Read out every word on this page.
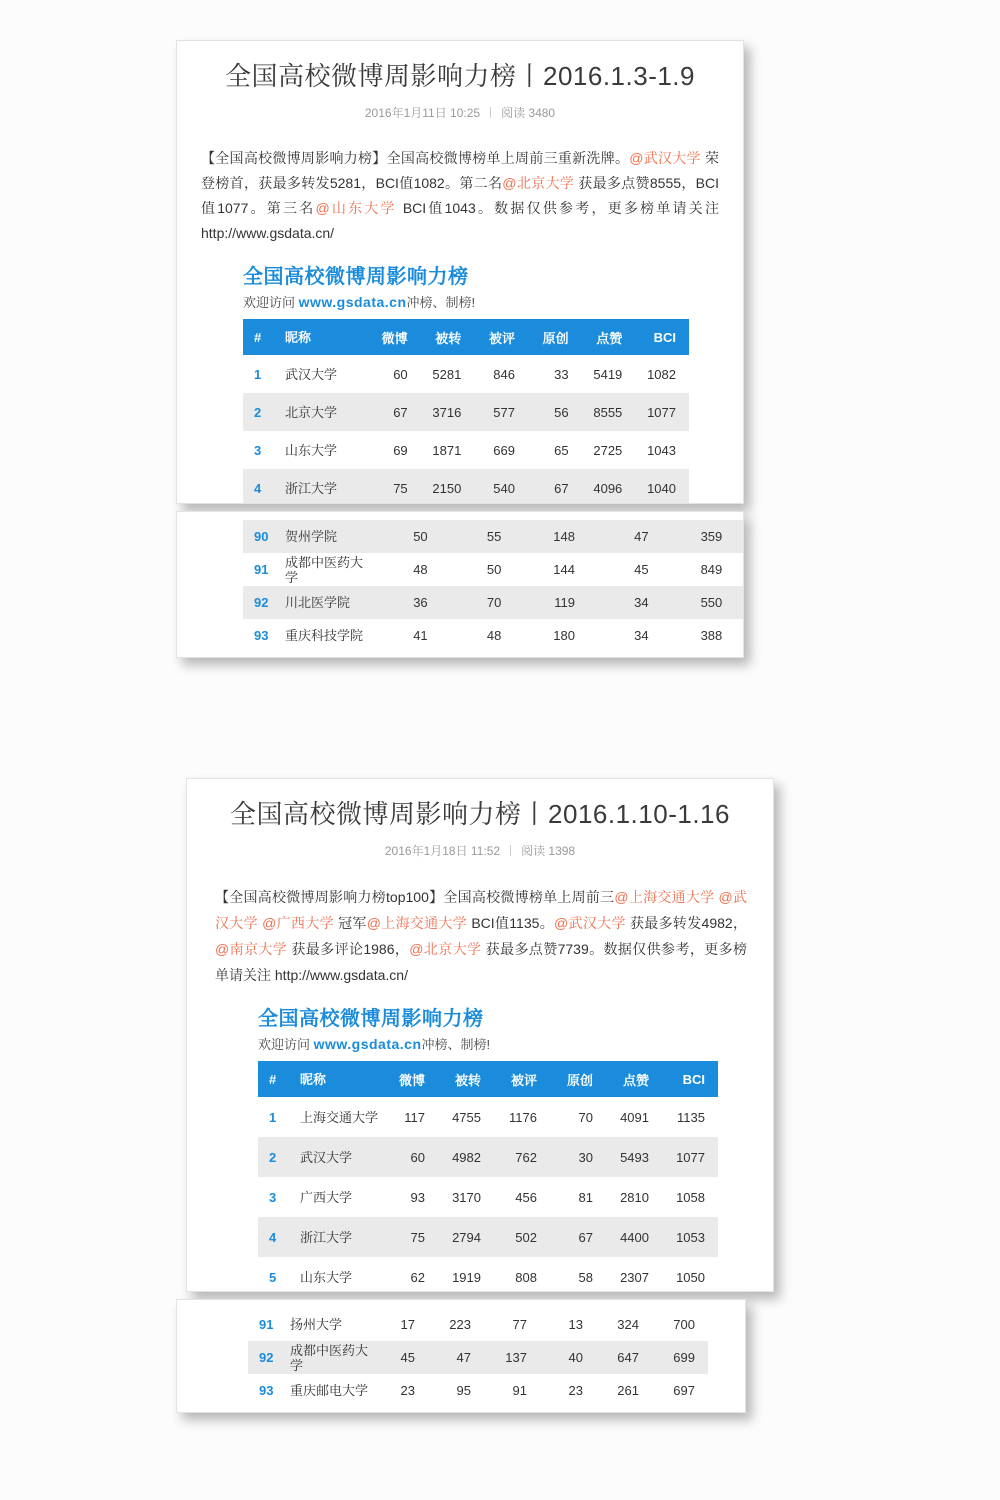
全国高校微博周影响力榜丨2016.1.3-1.9
2016年1月11日 10:25 阅读 3480

【全国高校微博周影响力榜】全国高校微博榜单上周前三重新洗牌。@武汉大学 荣登榜首，获最多转发5281，BCI值1082。第二名@北京大学 获最多点赞8555，BCI值1077。第三名@山东大学 BCI值1043。数据仅供参考，更多榜单请关注 http://www.gsdata.cn/

全国高校微博周影响力榜
欢迎访问 www.gsdata.cn冲榜、制榜!
#	昵称	微博	被转	被评	原创	点赞	BCI
1	武汉大学	60	5281	846	33	5419	1082
2	北京大学	67	3716	577	56	8555	1077
3	山东大学	69	1871	669	65	2725	1043
4	浙江大学	75	2150	540	67	4096	1040

90	贺州学院	50	55	148	47	359	
91	成都中医药大学	48	50	144	45	849	
92	川北医学院	36	70	119	34	550	
93	重庆科技学院	41	48	180	34	388	
全国高校微博周影响力榜丨2016.1.10-1.16
2016年1月18日 11:52 阅读 1398

【全国高校微博周影响力榜top100】全国高校微博榜单上周前三@上海交通大学 @武汉大学 @广西大学 冠军@上海交通大学 BCI值1135。@武汉大学 获最多转发4982，@南京大学 获最多评论1986，@北京大学 获最多点赞7739。数据仅供参考，更多榜单请关注 http://www.gsdata.cn/

全国高校微博周影响力榜
欢迎访问 www.gsdata.cn冲榜、制榜!
#	昵称	微博	被转	被评	原创	点赞	BCI
1	上海交通大学	117	4755	1176	70	4091	1135
2	武汉大学	60	4982	762	30	5493	1077
3	广西大学	93	3170	456	81	2810	1058
4	浙江大学	75	2794	502	67	4400	1053
5	山东大学	62	1919	808	58	2307	1050
91	扬州大学	17	223	77	13	324	700
92	成都中医药大学	45	47	137	40	647	699
93	重庆邮电大学	23	95	91	23	261	697
